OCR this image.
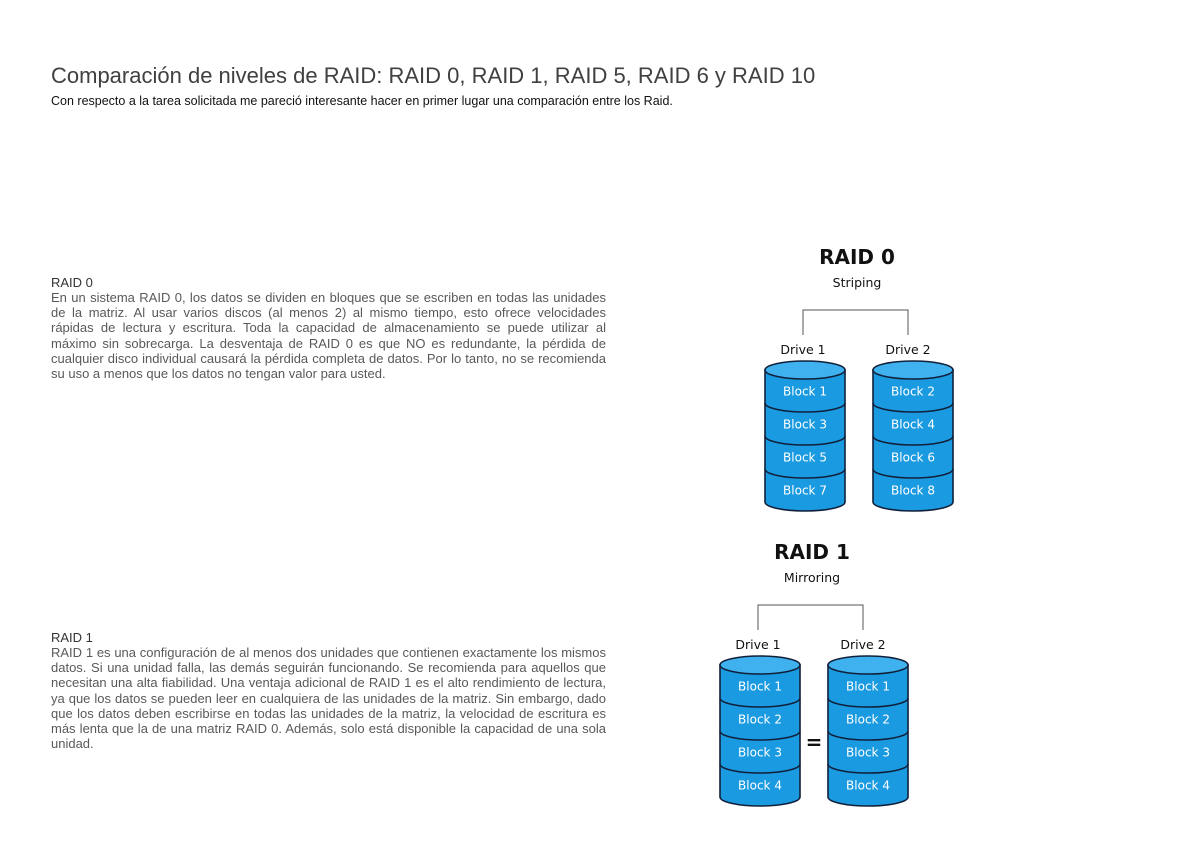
Comparación de niveles de RAID: RAID 0, RAID 1, RAID 5, RAID 6 y RAID 10
Con respecto a la tarea solicitada me pareció interesante hacer en primer lugar una comparación entre los Raid.
RAID 0

En un sistema RAID 0, los datos se dividen en bloques que se escriben en todas las unidades de la matriz. Al usar varios discos (al menos 2) al mismo tiempo, esto ofrece velocidades rápidas de lectura y escritura. Toda la capacidad de almacenamiento se puede utilizar al máximo sin sobrecarga. La desventaja de RAID 0 es que NO es redundante, la pérdida de cualquier disco individual causará la pérdida completa de datos. Por lo tanto, no se recomienda su uso a menos que los datos no tengan valor para usted.

RAID 1

RAID 1 es una configuración de al menos dos unidades que contienen exactamente los mismos datos. Si una unidad falla, las demás seguirán funcionando. Se recomienda para aquellos que necesitan una alta fiabilidad. Una ventaja adicional de RAID 1 es el alto rendimiento de lectura, ya que los datos se pueden leer en cualquiera de las unidades de la matriz. Sin embargo, dado que los datos deben escribirse en todas las unidades de la matriz, la velocidad de escritura es más lenta que la de una matriz RAID 0. Además, solo está disponible la capacidad de una sola unidad.

RAID 0
Striping
Drive 1	Drive 2
Block 1
Block 3
Block 5
Block 7
Block 2
Block 4
Block 6
Block 8
RAID 1
Mirroring
Drive 1	Drive 2
Block 1
Block 2
Block 3
Block 4
Block 1
Block 2
Block 3
Block 4
=
